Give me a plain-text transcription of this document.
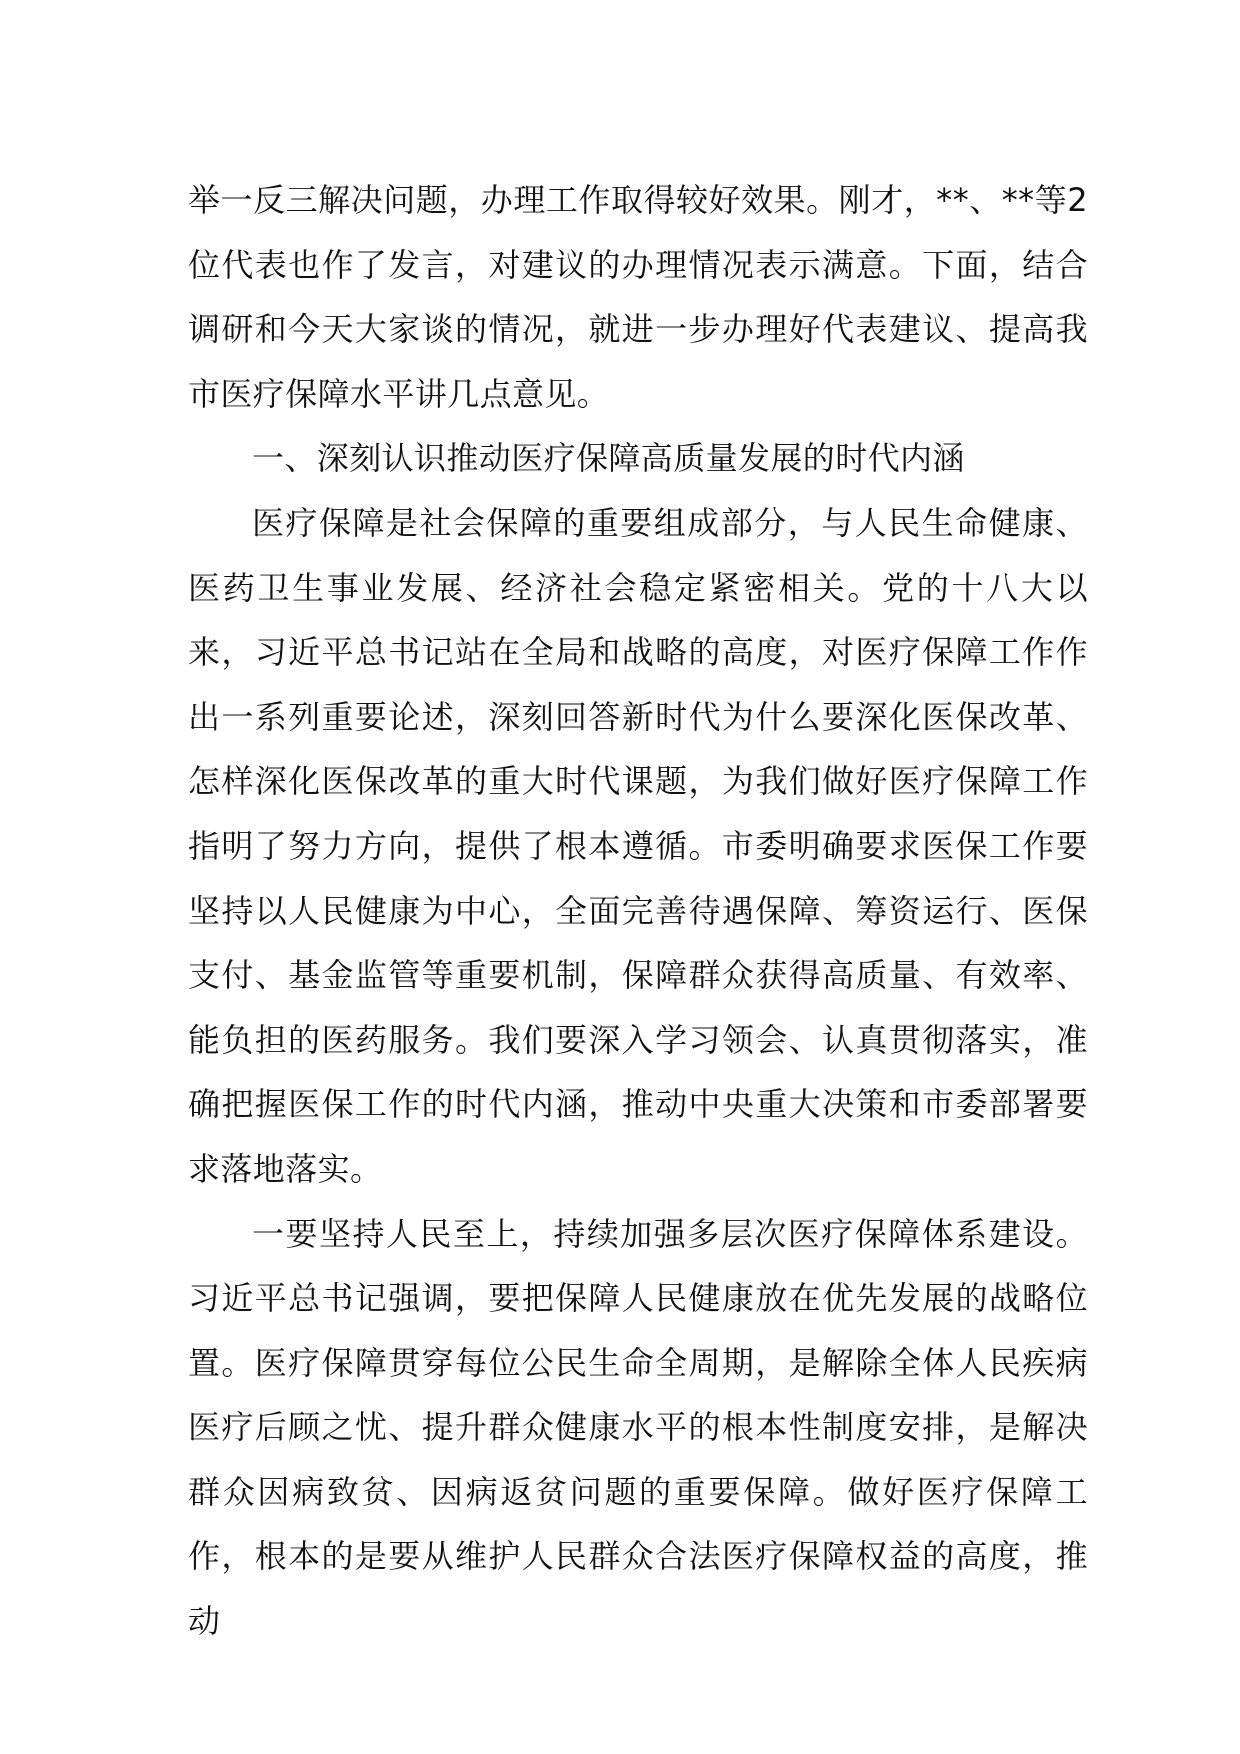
举一反三解决问题，办理工作取得较好效果。刚才，**、**等2位代表也作了发言，对建议的办理情况表示满意。下面，结合调研和今天大家谈的情况，就进一步办理好代表建议、提高我市医疗保障水平讲几点意见。

一、深刻认识推动医疗保障高质量发展的时代内涵

医疗保障是社会保障的重要组成部分，与人民生命健康、医药卫生事业发展、经济社会稳定紧密相关。党的十八大以来，习近平总书记站在全局和战略的高度，对医疗保障工作作出一系列重要论述，深刻回答新时代为什么要深化医保改革、怎样深化医保改革的重大时代课题，为我们做好医疗保障工作指明了努力方向，提供了根本遵循。市委明确要求医保工作要坚持以人民健康为中心，全面完善待遇保障、筹资运行、医保支付、基金监管等重要机制，保障群众获得高质量、有效率、能负担的医药服务。我们要深入学习领会、认真贯彻落实，准确把握医保工作的时代内涵，推动中央重大决策和市委部署要求落地落实。

一要坚持人民至上，持续加强多层次医疗保障体系建设。习近平总书记强调，要把保障人民健康放在优先发展的战略位置。医疗保障贯穿每位公民生命全周期，是解除全体人民疾病医疗后顾之忧、提升群众健康水平的根本性制度安排，是解决群众因病致贫、因病返贫问题的重要保障。做好医疗保障工作，根本的是要从维护人民群众合法医疗保障权益的高度，推动
